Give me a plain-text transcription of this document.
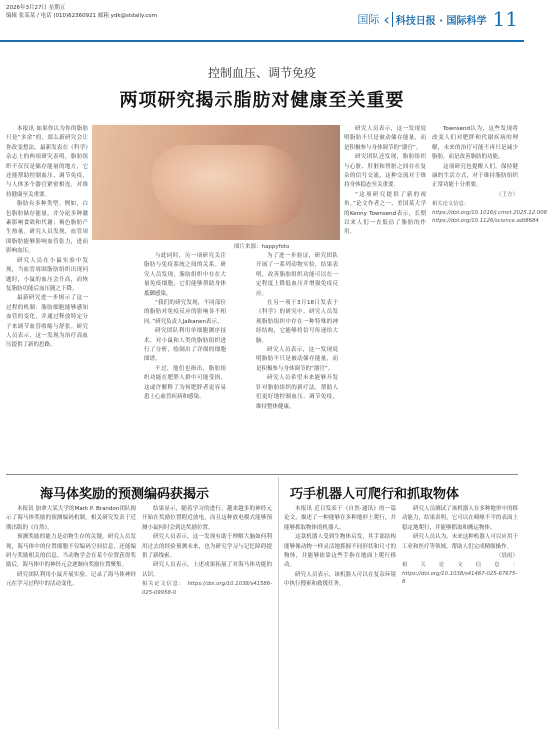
2026年3月27日 星期五
编辑 张某某 / 电话 (010)62360921 邮箱 ydk@stdaily.com	国际 ‹ 科技日报 · 国际科学 11
控制血压、调节免疫
两项研究揭示脂肪对健康至关重要

本报讯 如果你认为你的脂肪只是“多余”的，那么新研究会让你改变想法。最新发表在《科学》杂志上的两项研究表明，脂肪组织不仅仅是储存能量的地方，它还能帮助控制血压、调节免疫，与人体多个器官紧密相连，对维持健康至关重要。

脂肪有多种类型。例如，白色脂肪储存能量，并分泌多种激素影响食欲和代谢；褐色脂肪产生热量。研究人员发现，血管周围脂肪能够影响血管张力，进而影响血压。

研究人员在小鼠实验中发现，当血管周围脂肪组织出现问题时，小鼠的血压会升高，而恢复脂肪功能后血压随之下降。

最新研究进一步揭示了这一过程的机制：脂肪细胞能够感知血管的变化，并通过释放特定分子来调节血管收缩与舒张。研究人员表示，这一发现为治疗高血压提供了新的思路。

图片来源：happyfoto

与此同时，另一项研究关注脂肪与免疫系统之间的关系。研究人员发现，脂肪组织中存在大量免疫细胞，它们能够帮助身体抵御感染。

“我们的研究发现，不同部位的脂肪对免疫反应的影响各不相同。”研究负责人Jalkanen表示。

研究团队利用单细胞测序技术，对小鼠和人类的脂肪组织进行了分析，绘制出了详细的细胞图谱。

不过，他们也指出，脂肪组织功能在肥胖人群中可能受损，这或许解释了为何肥胖者更容易患上心血管疾病和感染。

为了进一步验证，研究团队开展了一系列动物实验，结果表明，改善脂肪组织功能可以在一定程度上降低血压并增强免疫反应。

在另一项于3月18日发表于《科学》的研究中，研究人员发现脂肪组织中存在一种特殊的神经结构，它能够将信号传递给大脑。

研究人员表示，这一发现说明脂肪不只是被动储存能量，而是积极参与身体调节的“器官”。

研究人员希望未来能够开发针对脂肪组织的新疗法，帮助人们更好地控制血压、调节免疫，维持整体健康。

研究人员表示，这一发现说明脂肪不只是被动储存能量，而是积极参与身体调节的“器官”。

研究团队还发现，脂肪组织与心脏、肝脏和肾脏之间存在复杂的信号交流，这种交流对于维持身体稳态至关重要。

“这项研究提供了新的视角。”论文作者之一、美国某大学的Kenny Townsend表示，长期以来人们一直低估了脂肪的作用。

Townsend认为，这些发现将改变人们对肥胖和代谢疾病的理解，未来的治疗可能不再只是减少脂肪，而是改善脂肪的功能。

这项研究也提醒人们，保持健康的生活方式，对于维持脂肪组织正常功能十分重要。

（王方）
相关论文信息：
https://doi.org/10.1016/j.cmet.2025.12.008
https://doi.org/10.1126/science.adt8684
海马体奖励的预测编码获揭示

本报讯 加拿大某大学的Mark P. Brandon团队揭示了海马体奖励的预测编码机制。相关研究发表于近期出版的《自然》。

预测奖励的能力是动物生存的关键。研究人员发现，海马体中的位置细胞不仅编码空间信息，还能编码与奖励相关的信息。当动物学会在某个位置获得奖励后，海马体中的神经元会逐渐向奖励位置聚集。

研究团队利用小鼠开展实验，记录了海马体神经元在学习过程中的活动变化。

结果显示，随着学习的进行，越来越多的神经元开始在奖励位置附近放电，而且这种放电模式能够预测小鼠何时会到达奖励位置。

研究人员表示，这一发现有助于理解大脑如何利用过去的经验预测未来，也为研究学习与记忆障碍提供了新线索。

研究人员表示，上述成果拓展了对海马体功能的认识。

相关论文信息： https://doi.org/10.1038/s41586-025-09958-0
巧手机器人可爬行和抓取物体

本报讯 近日发表于《自然·通讯》的一篇论文，描述了一种能够在多种地形上爬行，并能够抓取物体的机器人。

这款机器人受到生物体启发，其手部结构能够像动物一样灵活地抓握不同形状和尺寸的物体，并能够依靠这些手指在地面上爬行移动。

研究人员表示，该机器人可以在复杂环境中执行搜索和救援任务。

研究人员测试了该机器人在多种地形中的移动能力，结果表明，它可以在崎岖不平的表面上稳定地爬行，并能够抓取和搬运物体。

研究人员认为，未来这种机器人可以应用于工业和医疗等领域，帮助人们完成精细操作。

（晨雨）
相关论文信息： https://doi.org/10.1038/s41467-025-67675-8
